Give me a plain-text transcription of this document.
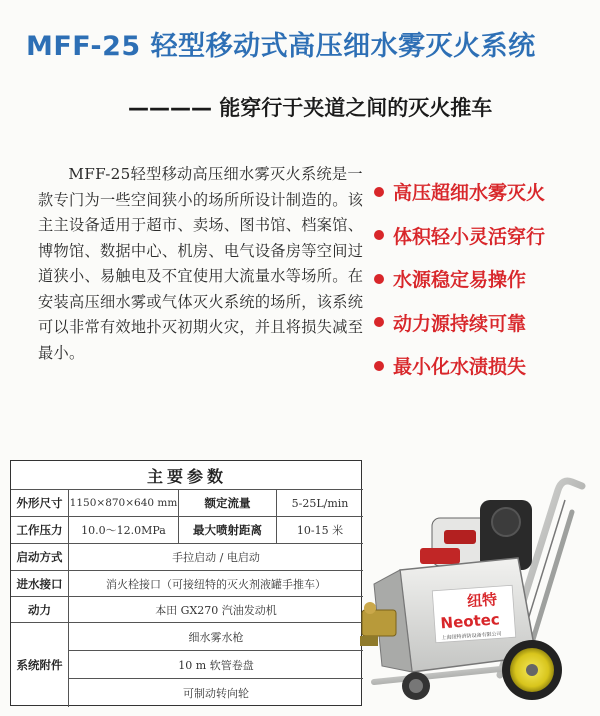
MFF-25 轻型移动式高压细水雾灭火系统
———— 能穿行于夹道之间的灭火推车

MFF-25轻型移动高压细水雾灭火系统是一款专门为一些空间狭小的场所所设计制造的。该主主设备适用于超市、卖场、图书馆、档案馆、博物馆、数据中心、机房、电气设备房等空间过道狭小、易触电及不宜使用大流量水等场所。在安装高压细水雾或气体灭火系统的场所，该系统可以非常有效地扑灭初期火灾，并且将损失减至最小。

高压超细水雾灭火
体积轻小灵活穿行
水源稳定易操作
动力源持续可靠
最小化水渍损失
主要参数
外形尺寸 1150×870×640 mm	额定流量	5-25L/min
工作压力	10.0～12.0MPa	最大喷射距离	10-15 米
启动方式	手拉启动 / 电启动
进水接口	消火栓接口（可接纽特的灭火剂液罐手推车）
动力	本田 GX270 汽油发动机
系统附件
细水雾水枪
10 m 软管卷盘
可制动转向轮
纽特
Neotec
上海纽特消防设备有限公司
